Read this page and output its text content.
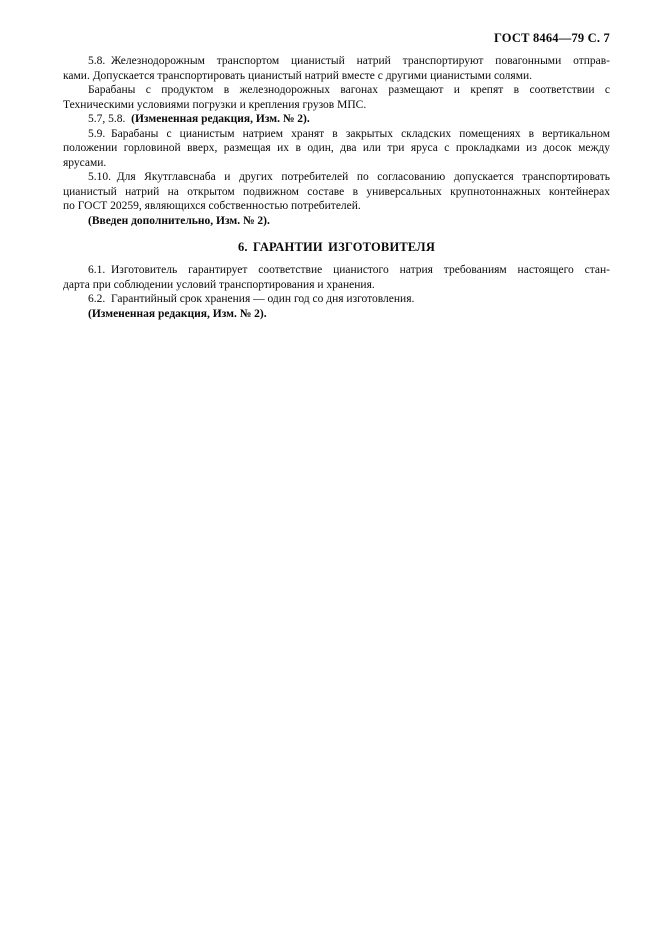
ГОСТ 8464—79 С. 7
5.8. Железнодорожным транспортом цианистый натрий транспортируют повагонными отправ-
ками. Допускается транспортировать цианистый натрий вместе с другими цианистыми солями.
Барабаны с продуктом в железнодорожных вагонах размещают и крепят в соответствии с
Техническими условиями погрузки и крепления грузов МПС.
5.7, 5.8. (Измененная редакция, Изм. № 2).
5.9. Барабаны с цианистым натрием хранят в закрытых складских помещениях в вертикальном
положении горловиной вверх, размещая их в один, два или три яруса с прокладками из досок между
ярусами.
5.10. Для Якутглавснаба и других потребителей по согласованию допускается транспортировать
цианистый натрий на открытом подвижном составе в универсальных крупнотоннажных контейнерах
по ГОСТ 20259, являющихся собственностью потребителей.
(Введен дополнительно, Изм. № 2).
6. ГАРАНТИИ ИЗГОТОВИТЕЛЯ
6.1. Изготовитель гарантирует соответствие цианистого натрия требованиям настоящего стан-
дарта при соблюдении условий транспортирования и хранения.
6.2. Гарантийный срок хранения — один год со дня изготовления.
(Измененная редакция, Изм. № 2).
